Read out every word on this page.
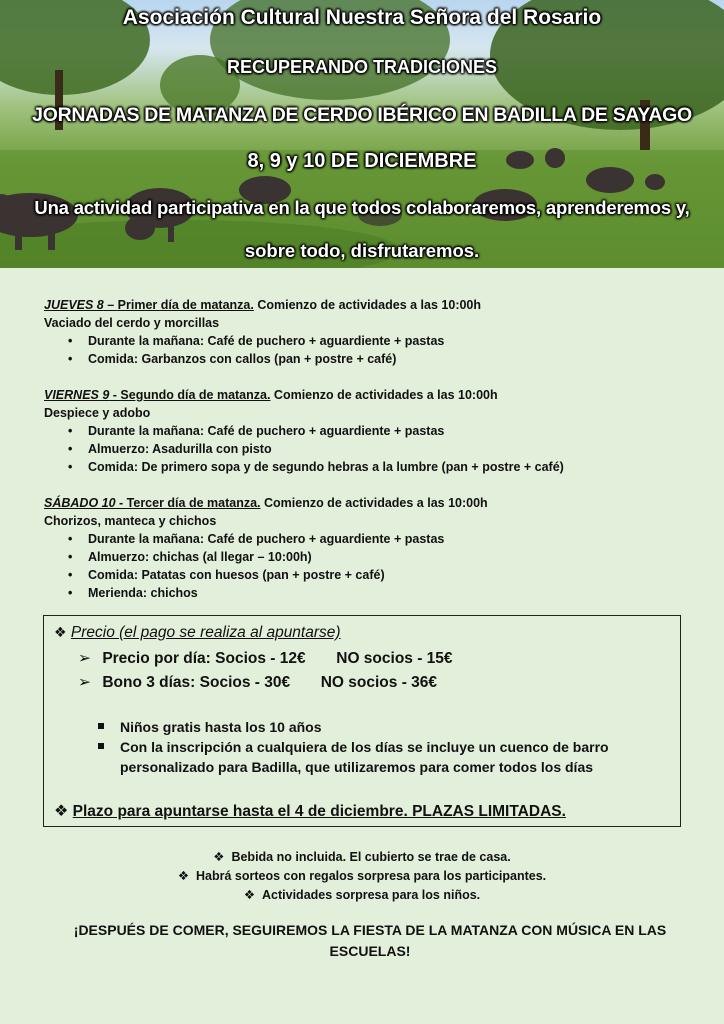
Asociación Cultural Nuestra Señora del Rosario
RECUPERANDO TRADICIONES
JORNADAS DE MATANZA DE CERDO IBÉRICO EN BADILLA DE SAYAGO
8, 9 y 10 DE DICIEMBRE
Una actividad participativa en la que todos colaboraremos, aprenderemos y,
sobre todo, disfrutaremos.
JUEVES 8 – Primer día de matanza. Comienzo de actividades a las 10:00h
Vaciado del cerdo y morcillas
• Durante la mañana: Café de puchero + aguardiente + pastas
• Comida: Garbanzos con callos (pan + postre + café)
VIERNES 9 - Segundo día de matanza. Comienzo de actividades a las 10:00h
Despiece y adobo
• Durante la mañana: Café de puchero + aguardiente + pastas
• Almuerzo: Asadurilla con pisto
• Comida: De primero sopa y de segundo hebras a la lumbre (pan + postre + café)
SÁBADO 10 - Tercer día de matanza. Comienzo de actividades a las 10:00h
Chorizos, manteca y chichos
• Durante la mañana: Café de puchero + aguardiente + pastas
• Almuerzo: chichas (al llegar – 10:00h)
• Comida: Patatas con huesos (pan + postre + café)
• Merienda: chichos
❖ Precio (el pago se realiza al apuntarse)
➢ Precio por día: Socios - 12€ NO socios - 15€
➢ Bono 3 días: Socios - 30€ NO socios - 36€
Niños gratis hasta los 10 años
Con la inscripción a cualquiera de los días se incluye un cuenco de barro
personalizado para Badilla, que utilizaremos para comer todos los días
❖ Plazo para apuntarse hasta el 4 de diciembre. PLAZAS LIMITADAS.
❖ Bebida no incluida. El cubierto se trae de casa.
❖ Habrá sorteos con regalos sorpresa para los participantes.
❖ Actividades sorpresa para los niños.
¡DESPUÉS DE COMER, SEGUIREMOS LA FIESTA DE LA MATANZA CON MÚSICA EN LAS
ESCUELAS!
